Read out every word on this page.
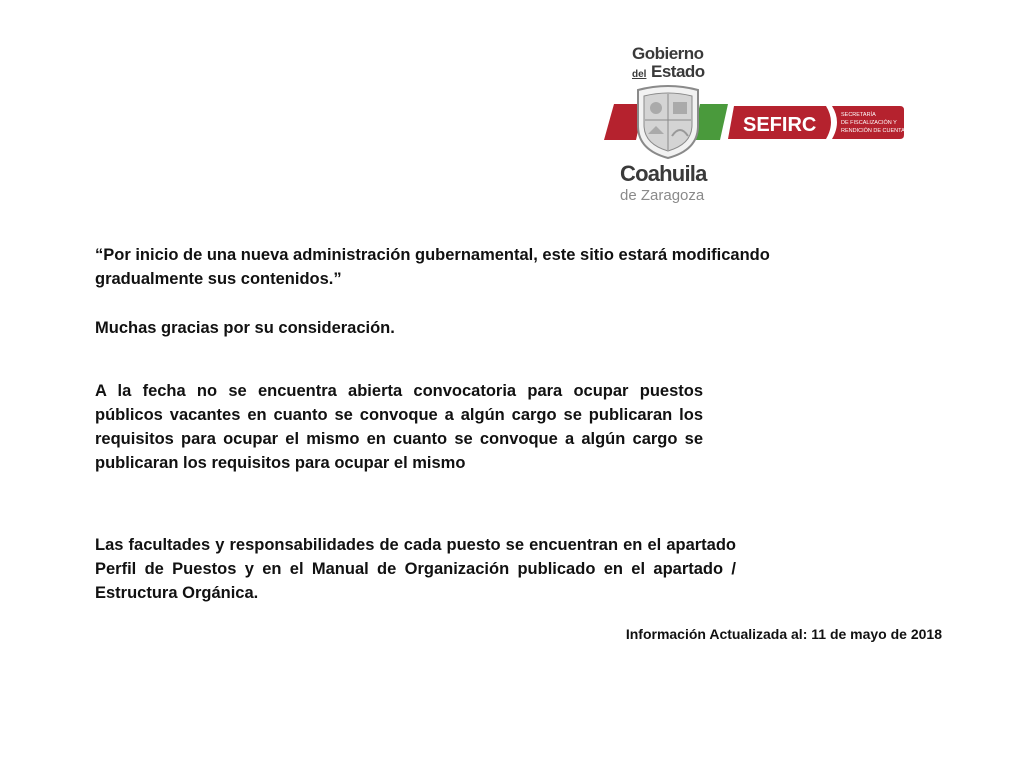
Gobierno
del Estado
Coahuila
de Zaragoza
SEFIRC	SECRETARÍA
DE FISCALIZACIÓN Y
RENDICIÓN DE CUENTAS

“Por inicio de una nueva administración gubernamental, este sitio estará modificando gradualmente sus contenidos.”

Muchas gracias por su consideración.

A la fecha no se encuentra abierta convocatoria para ocupar puestos públicos vacantes en cuanto se convoque a algún cargo se publicaran los requisitos para ocupar el mismo en cuanto se convoque a algún cargo se publicaran los requisitos para ocupar el mismo

Las facultades y responsabilidades de cada puesto se encuentran en el apartado Perfil de Puestos y en el Manual de Organización publicado en el apartado / Estructura Orgánica.

Información Actualizada al: 11 de mayo de 2018
